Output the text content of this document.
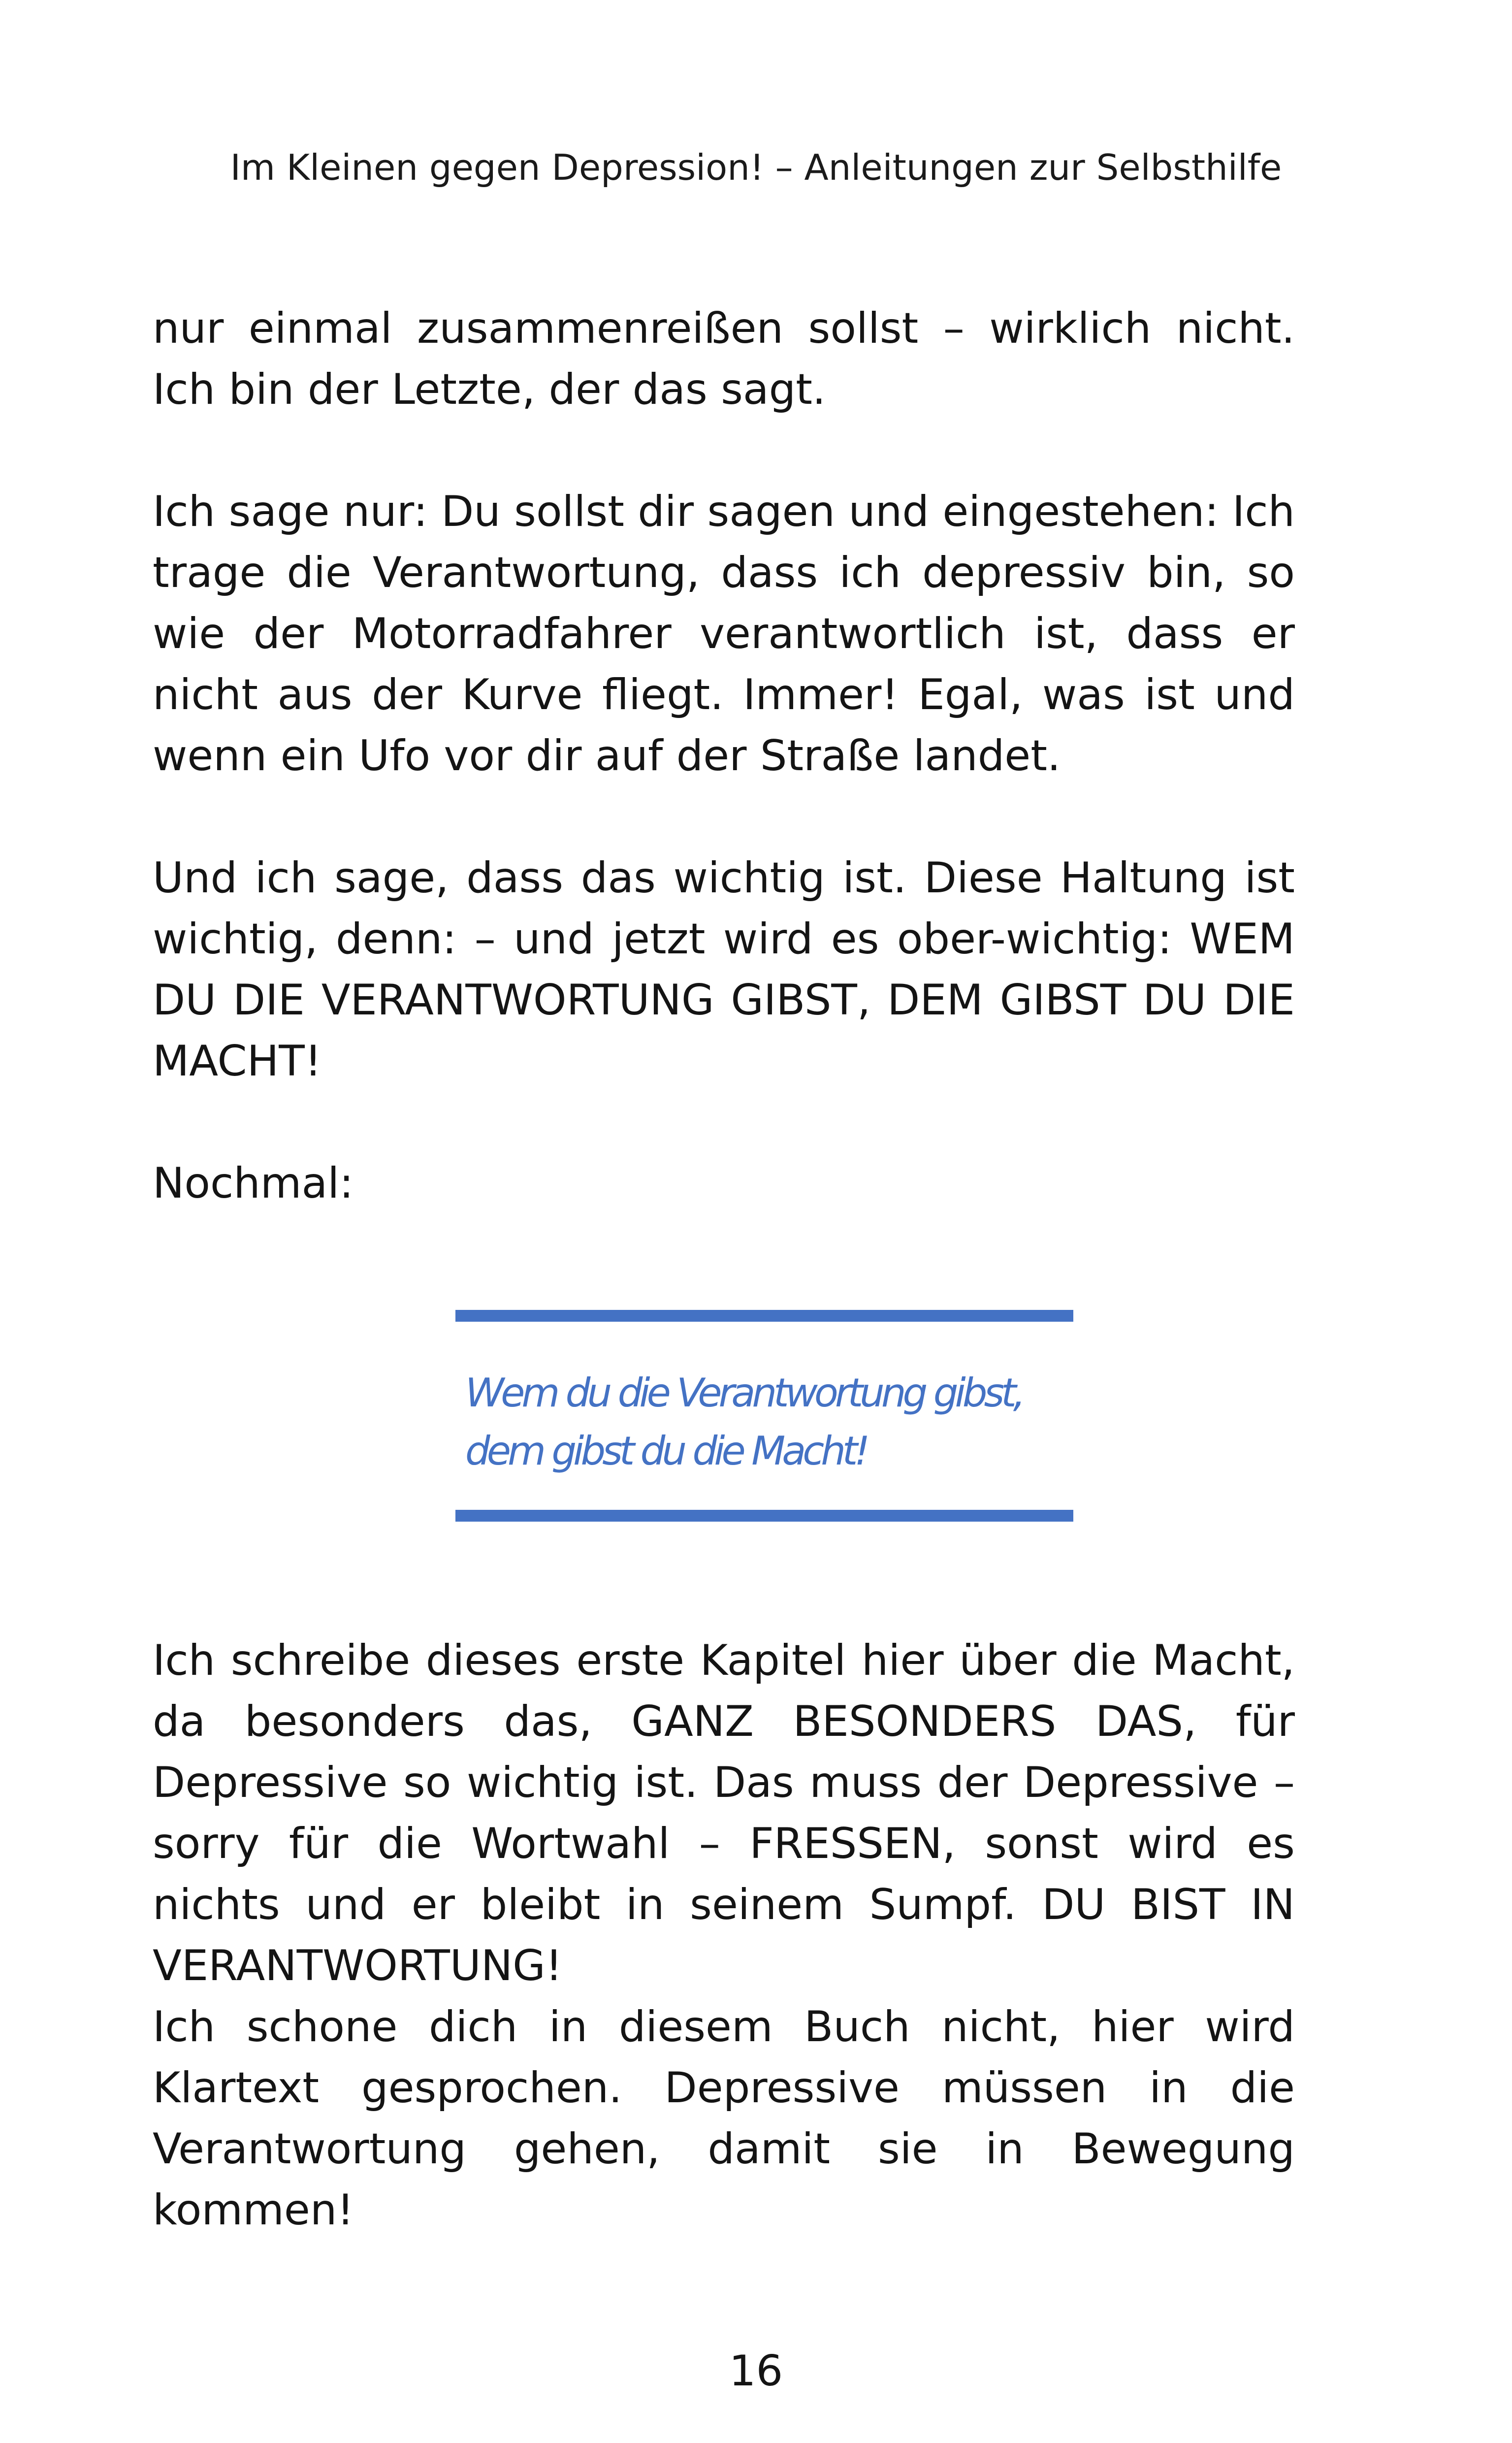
Im Kleinen gegen Depression! – Anleitungen zur Selbsthilfe

nur einmal zusammenreißen sollst – wirklich nicht. Ich bin der Letzte, der das sagt.

Ich sage nur: Du sollst dir sagen und eingestehen: Ich trage die Verantwortung, dass ich depressiv bin, so wie der Motorradfahrer verantwortlich ist, dass er nicht aus der Kurve fliegt. Immer! Egal, was ist und wenn ein Ufo vor dir auf der Straße landet.

Und ich sage, dass das wichtig ist. Diese Haltung ist wichtig, denn: – und jetzt wird es ober-wichtig: WEM DU DIE VERANTWORTUNG GIBST, DEM GIBST DU DIE MACHT!

Nochmal:

Wem du die Verantwortung gibst,
dem gibst du die Macht!

Ich schreibe dieses erste Kapitel hier über die Macht, da besonders das, GANZ BESONDERS DAS, für Depressive so wichtig ist. Das muss der Depressive – sorry für die Wortwahl – FRESSEN, sonst wird es nichts und er bleibt in seinem Sumpf. DU BIST IN VERANTWORTUNG!

Ich schone dich in diesem Buch nicht, hier wird Klartext gesprochen. Depressive müssen in die Verantwortung gehen, damit sie in Bewegung kommen!

16
